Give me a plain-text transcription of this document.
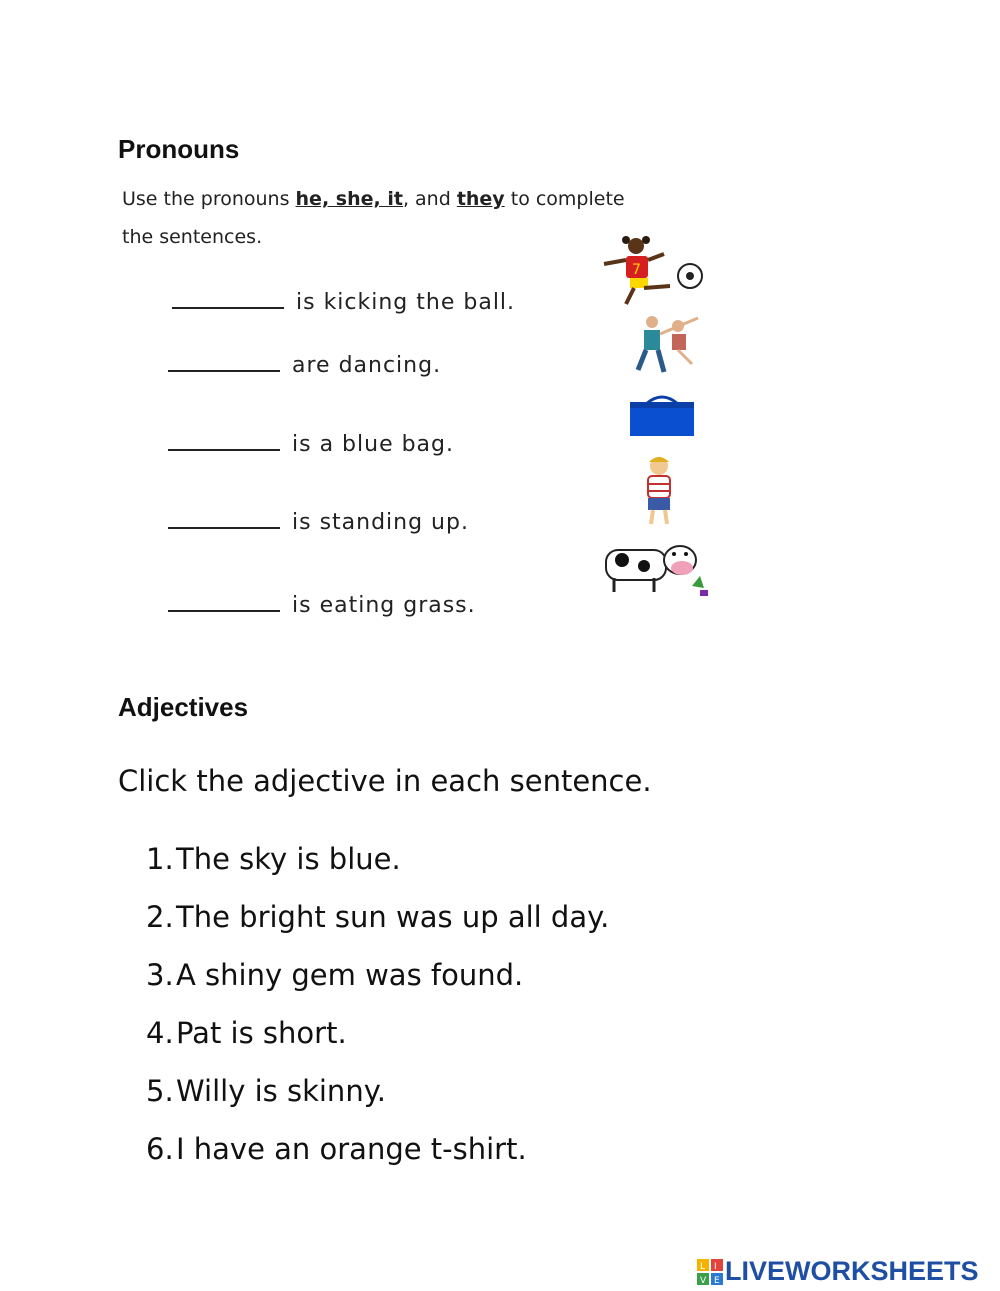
Pronouns
Use the pronouns he, she, it, and they to complete
the sentences.

is kicking the ball.

are dancing.

is a blue bag.

is standing up.

is eating grass.

7
Adjectives
Click the adjective in each sentence.
1.The sky is blue.
2.The bright sun was up all day.
3.A shiny gem was found.
4.Pat is short.
5.Willy is skinny.
6.I have an orange t-shirt.
L I
V E LIVEWORKSHEETS
